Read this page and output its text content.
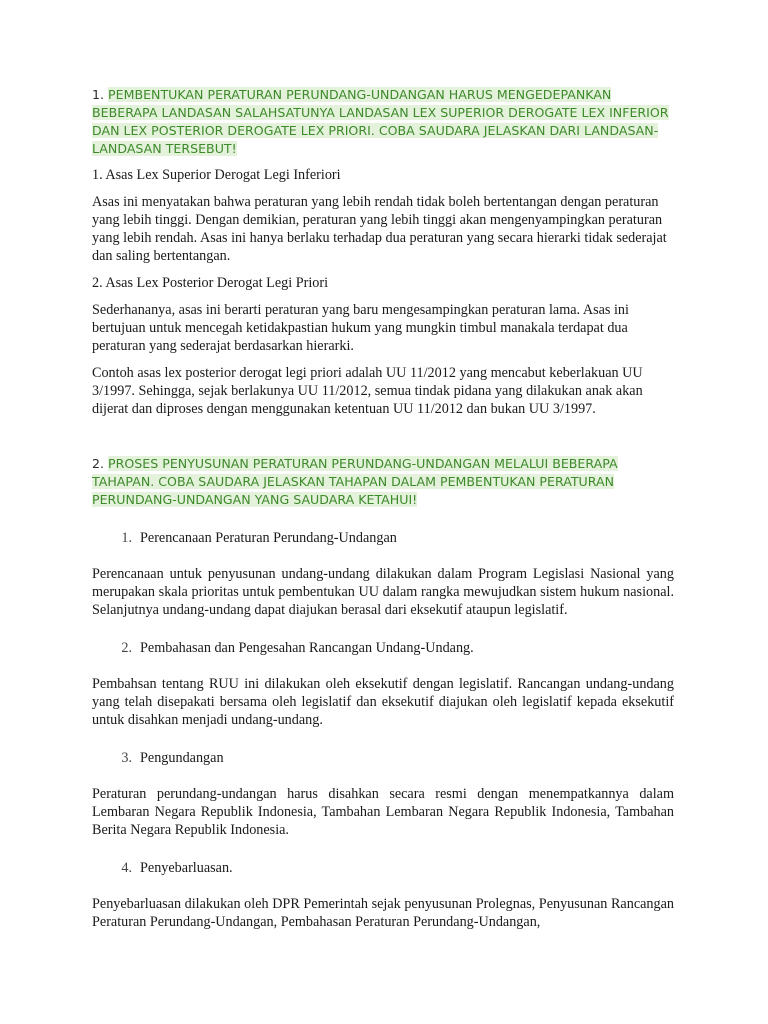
1. PEMBENTUKAN PERATURAN PERUNDANG-UNDANGAN HARUS MENGEDEPANKAN BEBERAPA LANDASAN SALAHSATUNYA LANDASAN LEX SUPERIOR DEROGATE LEX INFERIOR DAN LEX POSTERIOR DEROGATE LEX PRIORI. COBA SAUDARA JELASKAN DARI LANDASAN-LANDASAN TERSEBUT!

1. Asas Lex Superior Derogat Legi Inferiori

Asas ini menyatakan bahwa peraturan yang lebih rendah tidak boleh bertentangan dengan peraturan yang lebih tinggi. Dengan demikian, peraturan yang lebih tinggi akan mengenyampingkan peraturan yang lebih rendah. Asas ini hanya berlaku terhadap dua peraturan yang secara hierarki tidak sederajat dan saling bertentangan.

2. Asas Lex Posterior Derogat Legi Priori

Sederhananya, asas ini berarti peraturan yang baru mengesampingkan peraturan lama. Asas ini bertujuan untuk mencegah ketidakpastian hukum yang mungkin timbul manakala terdapat dua peraturan yang sederajat berdasarkan hierarki.

Contoh asas lex posterior derogat legi priori adalah UU 11/2012 yang mencabut keberlakuan UU 3/1997. Sehingga, sejak berlakunya UU 11/2012, semua tindak pidana yang dilakukan anak akan dijerat dan diproses dengan menggunakan ketentuan UU 11/2012 dan bukan UU 3/1997.

2. PROSES PENYUSUNAN PERATURAN PERUNDANG-UNDANGAN MELALUI BEBERAPA TAHAPAN. COBA SAUDARA JELASKAN TAHAPAN DALAM PEMBENTUKAN PERATURAN PERUNDANG-UNDANGAN YANG SAUDARA KETAHUI!
1. Perencanaan Peraturan Perundang-Undangan

Perencanaan untuk penyusunan undang-undang dilakukan dalam Program Legislasi Nasional yang merupakan skala prioritas untuk pembentukan UU dalam rangka mewujudkan sistem hukum nasional. Selanjutnya undang-undang dapat diajukan berasal dari eksekutif ataupun legislatif.

2. Pembahasan dan Pengesahan Rancangan Undang-Undang.

Pembahsan tentang RUU ini dilakukan oleh eksekutif dengan legislatif. Rancangan undang-undang yang telah disepakati bersama oleh legislatif dan eksekutif diajukan oleh legislatif kepada eksekutif untuk disahkan menjadi undang-undang.

3. Pengundangan

Peraturan perundang-undangan harus disahkan secara resmi dengan menempatkannya dalam Lembaran Negara Republik Indonesia, Tambahan Lembaran Negara Republik Indonesia, Tambahan Berita Negara Republik Indonesia.

4. Penyebarluasan.

Penyebarluasan dilakukan oleh DPR Pemerintah sejak penyusunan Prolegnas, Penyusunan Rancangan Peraturan Perundang-Undangan, Pembahasan Peraturan Perundang-Undangan,
